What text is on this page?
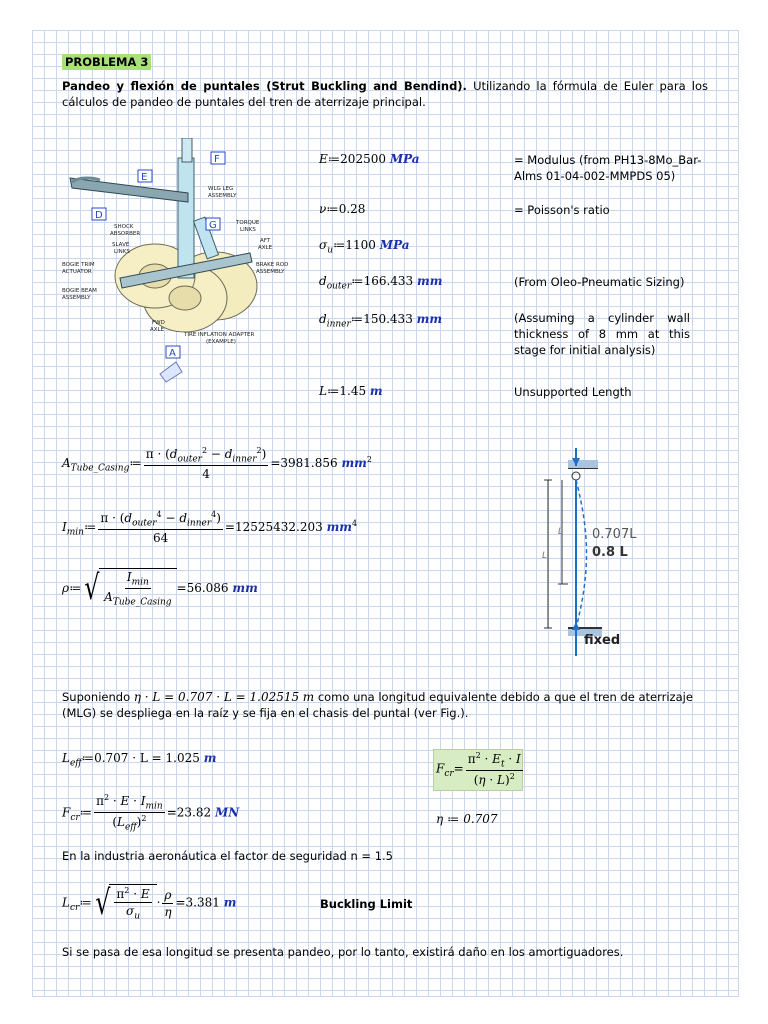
PROBLEMA 3
Pandeo y flexión de puntales (Strut Buckling and Bendind). Utilizando la fórmula de Euler para los cálculos de pandeo de puntales del tren de aterrizaje principal.
F
E
D
G
A
WLG LEG
ASSEMBLY
SHOCK
ABSORBER
TORQUE
LINKS
SLAVE
LINKS
AFT
AXLE
BOGIE TRIM
ACTUATOR
BRAKE ROD
ASSEMBLY
BOGIE BEAM
ASSEMBLY
FWD
AXLE
TIRE INFLATION ADAPTER
(EXAMPLE)
E≔202500 MPa	= Modulus (from PH13-8Mo_Bar-Alms 01-04-002-MMPDS 05)
ν≔0.28	= Poisson's ratio
$\sigma_u≔1100$ MPa
$d_{outer}≔166.433$ mm	(From Oleo-Pneumatic Sizing)
$d_{inner}≔150.433$ mm	(Assuming a cylinder wall thickness of 8 mm at this stage for initial analysis)
L≔1.45 m	Unsupported Length
$A_{Tube\_Casing}≔ \frac{\pi \cdot (d_{outer}^2 - d_{inner}^2)}{4} =3981.856$ $mm^2$
$I_{min}≔ \frac{\pi \cdot (d_{outer}^4 - d_{inner}^4)}{64} =12525432.203$ $mm^4$
ρ≔ √ $\frac{I_{min}}{A_{Tube\_Casing}} =56.086$ mm
L
L 0.707L
0.8 L
fixed
Suponiendo η · L = 0.707 · L = 1.02515 m como una longitud equivalente debido a que el tren de aterrizaje (MLG) se despliega en la raíz y se fija en el chasis del puntal (ver Fig.).
$L_{eff}≔0.707 \cdot L = 1.025$ m
$F_{cr}= \frac{\pi^2 \cdot E_t \cdot I}{(\eta \cdot L)^2}$
$F_{cr}≔ \frac{\pi^2 \cdot E \cdot I_{min}}{(L_{eff})^2} =23.82$ MN	η ≔ 0.707
En la industria aeronáutica el factor de seguridad n = 1.5
$L_{cr}≔$ √ $\frac{\pi^2 \cdot E}{\sigma_u} \cdot \frac{\rho}{\eta} =3.381$ m	Buckling Limit
Si se pasa de esa longitud se presenta pandeo, por lo tanto, existirá daño en los amortiguadores.
